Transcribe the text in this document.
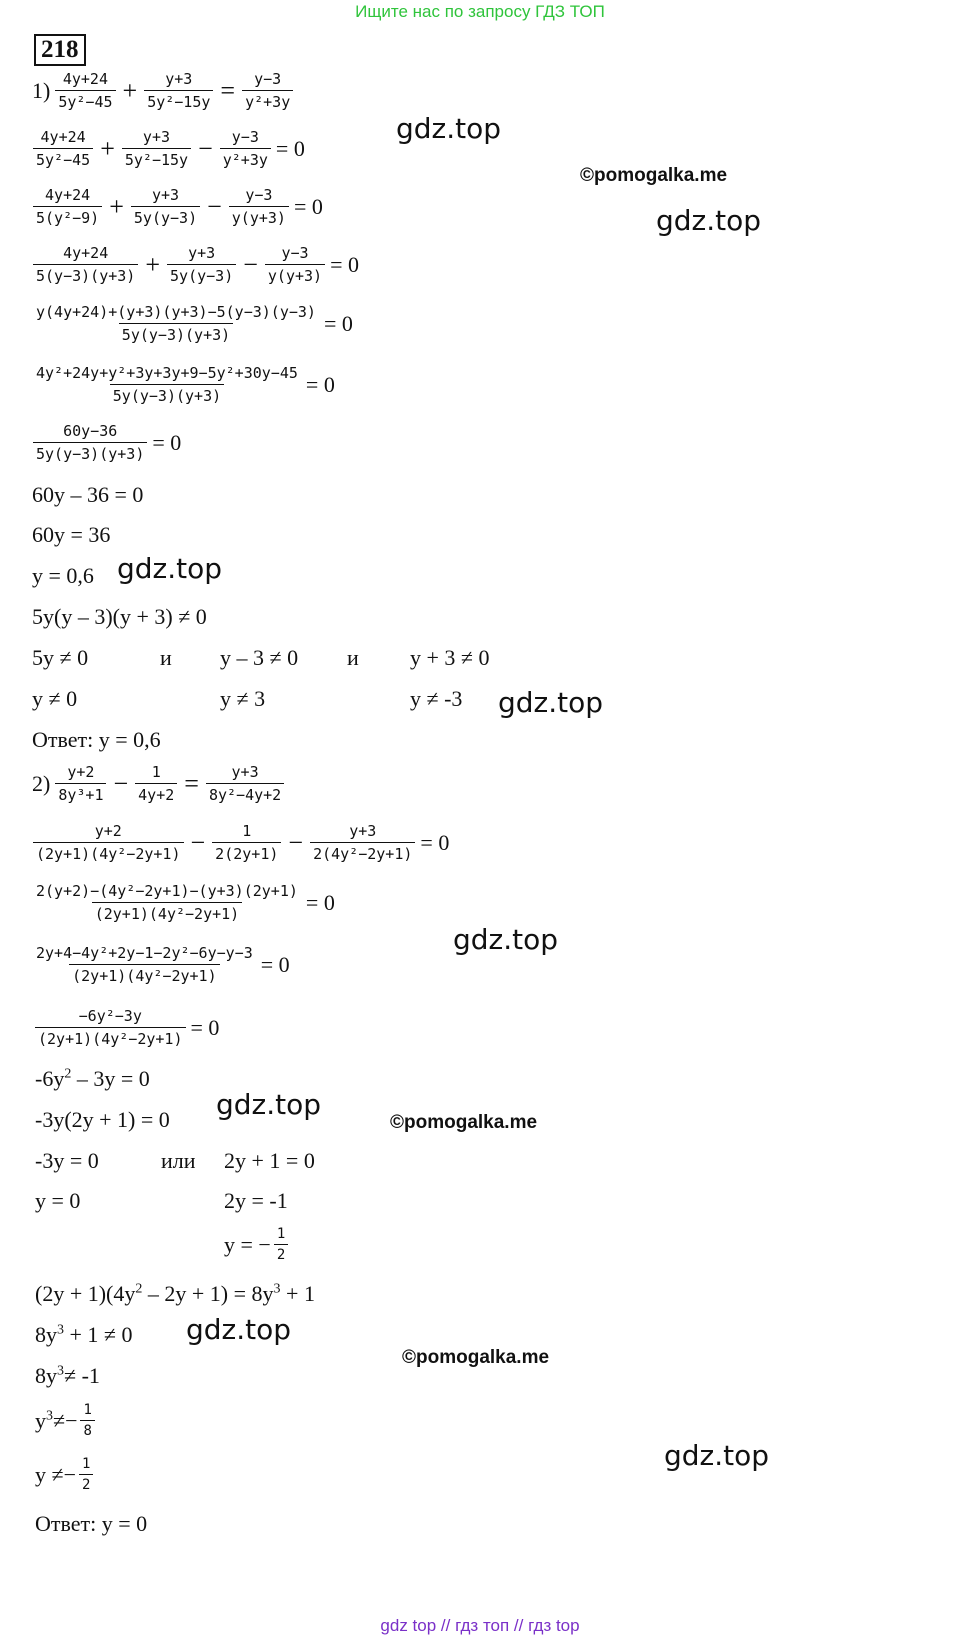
Ищите нас по запросу ГДЗ ТОП
218
gdz.top
©pomogalka.me
gdz.top
gdz.top
gdz.top
gdz.top
gdz.top
©pomogalka.me
gdz.top
©pomogalka.me
gdz.top
$1) \frac{4y+24}{\text{5y²−45}} + \frac{y+3}{\text{5y²−15y}} = \frac{y-3}{\text{y²+3y}}$
$\frac{4y+24}{\text{5y²−45}} + \frac{y+3}{\text{5y²−15y}} - \frac{y-3}{\text{y²+3y}} = 0$
$\frac{4y+24}{\text{5(y²−9)}} + \frac{y+3}{5y(y-3)} - \frac{y-3}{y(y+3)} = 0$
$\frac{4y+24}{5(y-3)(y+3)} + \frac{y+3}{5y(y-3)} - \frac{y-3}{y(y+3)} = 0$
$\frac{y(4y+24)+(y+3)(y+3)-5(y-3)(y-3)}{5y(y-3)(y+3)} = 0$
$\frac{\text{4y²+24y+y²+3y+3y+9−5y²+30y−45}}{5y(y-3)(y+3)} = 0$
$\frac{60y-36}{5y(y-3)(y+3)} = 0$
60y – 36 = 0
60y = 36
y = 0,6
5y(y – 3)(y + 3) ≠ 0
5y ≠ 0	и y – 3 ≠ 0 и y + 3 ≠ 0
y ≠ 0	y ≠ 3	y ≠ -3
Ответ: y = 0,6
$2) \frac{y+2}{\text{8y³+1}} - \frac{1}{4y+2} = \frac{y+3}{\text{8y²−4y+2}}$
$\frac{y+2}{\text{(2y+1)(4y²−2y+1)}} - \frac{1}{2(2y+1)} - \frac{y+3}{\text{2(4y²−2y+1)}} = 0$
$\frac{\text{2(y+2)−(4y²−2y+1)−(y+3)(2y+1)}}{\text{(2y+1)(4y²−2y+1)}} = 0$
$\frac{\text{2y+4−4y²+2y−1−2y²−6y−y−3}}{\text{(2y+1)(4y²−2y+1)}} = 0$
$\frac{\text{−6y²−3y}}{\text{(2y+1)(4y²−2y+1)}} = 0$
$-6y^2 - 3y = 0$
-3y(2y + 1) = 0
-3y = 0	или 2y + 1 = 0
y = 0	2y = -1
y = − $\frac{1}{2}$
$(2y + 1)(4y^2 - 2y + 1) = 8y^3 + 1$
$8y^3 + 1 \ne 0$
$8y^3\ne -1$
$y^3\ne- \frac{1}{8}$
$y \ne- \frac{1}{2}$
Ответ: y = 0
gdz top // гдз топ // гдз top
